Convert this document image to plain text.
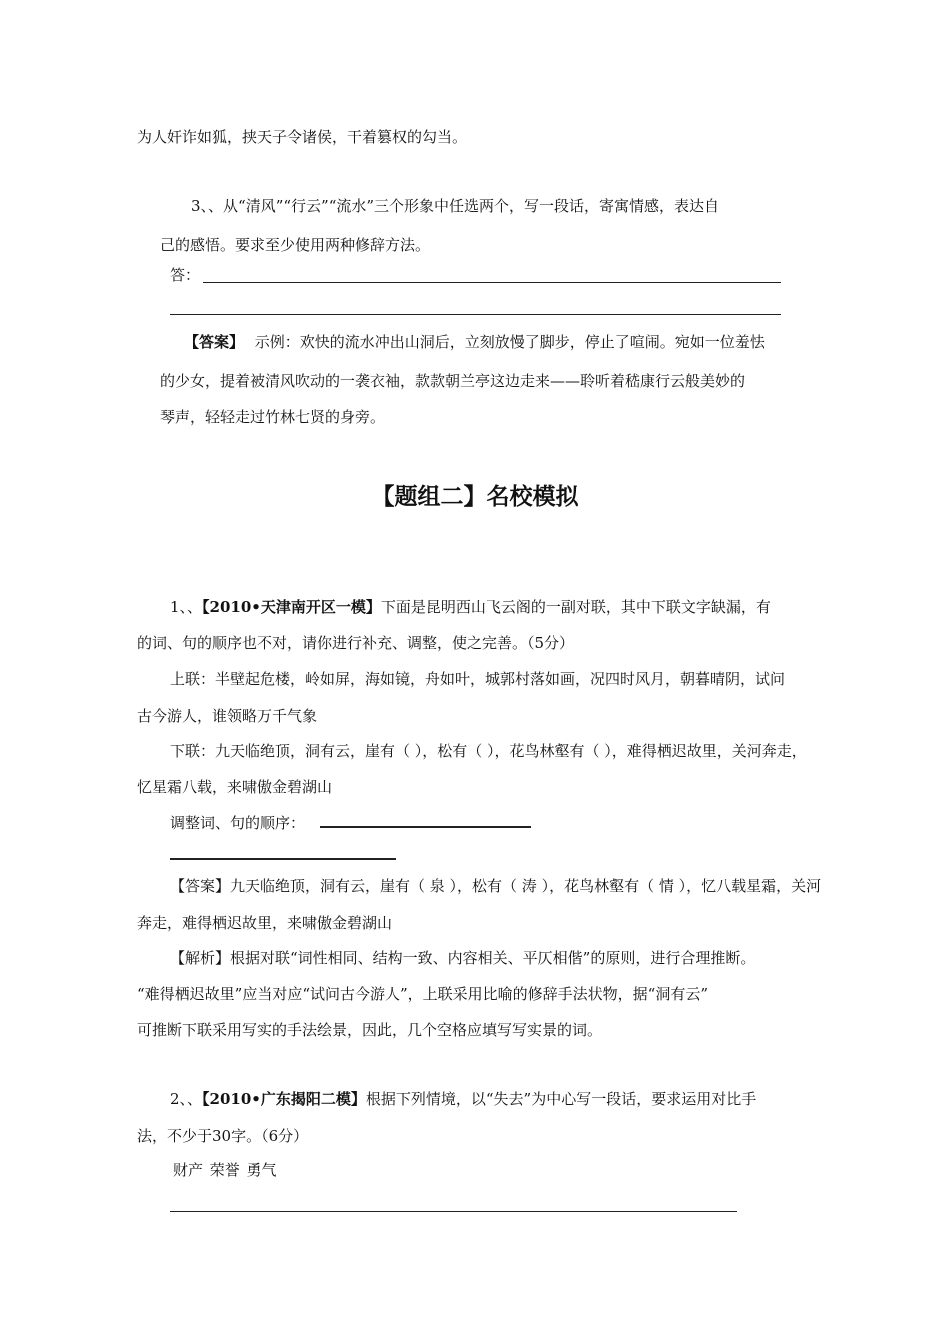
为人奸诈如狐，挟天子令诸侯，干着篡权的勾当。
3、、从“清风”“行云”“流水”三个形象中任选两个，写一段话，寄寓情感，表达自
己的感悟。要求至少使用两种修辞方法。
答：
【答案】 示例：欢快的流水冲出山洞后，立刻放慢了脚步，停止了喧闹。宛如一位羞怯
的少女，提着被清风吹动的一袭衣袖，款款朝兰亭这边走来——聆听着嵇康行云般美妙的
琴声，轻轻走过竹林七贤的身旁。
【题组二】名校模拟
1、、【2010•天津南开区一模】下面是昆明西山飞云阁的一副对联，其中下联文字缺漏，有
的词、句的顺序也不对，请你进行补充、调整，使之完善。（5分）
上联：半壁起危楼，岭如屏，海如镜，舟如叶，城郭村落如画，况四时风月，朝暮晴阴，试问
古今游人，谁领略万千气象
下联：九天临绝顶，洞有云，崖有（ ），松有（ ），花鸟林壑有（ ），难得栖迟故里，关河奔走，
忆星霜八载，来啸傲金碧湖山
调整词、句的顺序：
【答案】九天临绝顶，洞有云，崖有（ 泉 ），松有（ 涛 ），花鸟林壑有（ 情 ），忆八载星霜，关河
奔走，难得栖迟故里，来啸傲金碧湖山
【解析】根据对联“词性相同、结构一致、内容相关、平仄相偕”的原则，进行合理推断。
“难得栖迟故里”应当对应“试问古今游人”，上联采用比喻的修辞手法状物，据“洞有云”
可推断下联采用写实的手法绘景，因此，几个空格应填写写实景的词。
2、、【2010•广东揭阳二模】根据下列情境，以“失去”为中心写一段话，要求运用对比手
法，不少于30字。（6分）
财产 荣誉 勇气
